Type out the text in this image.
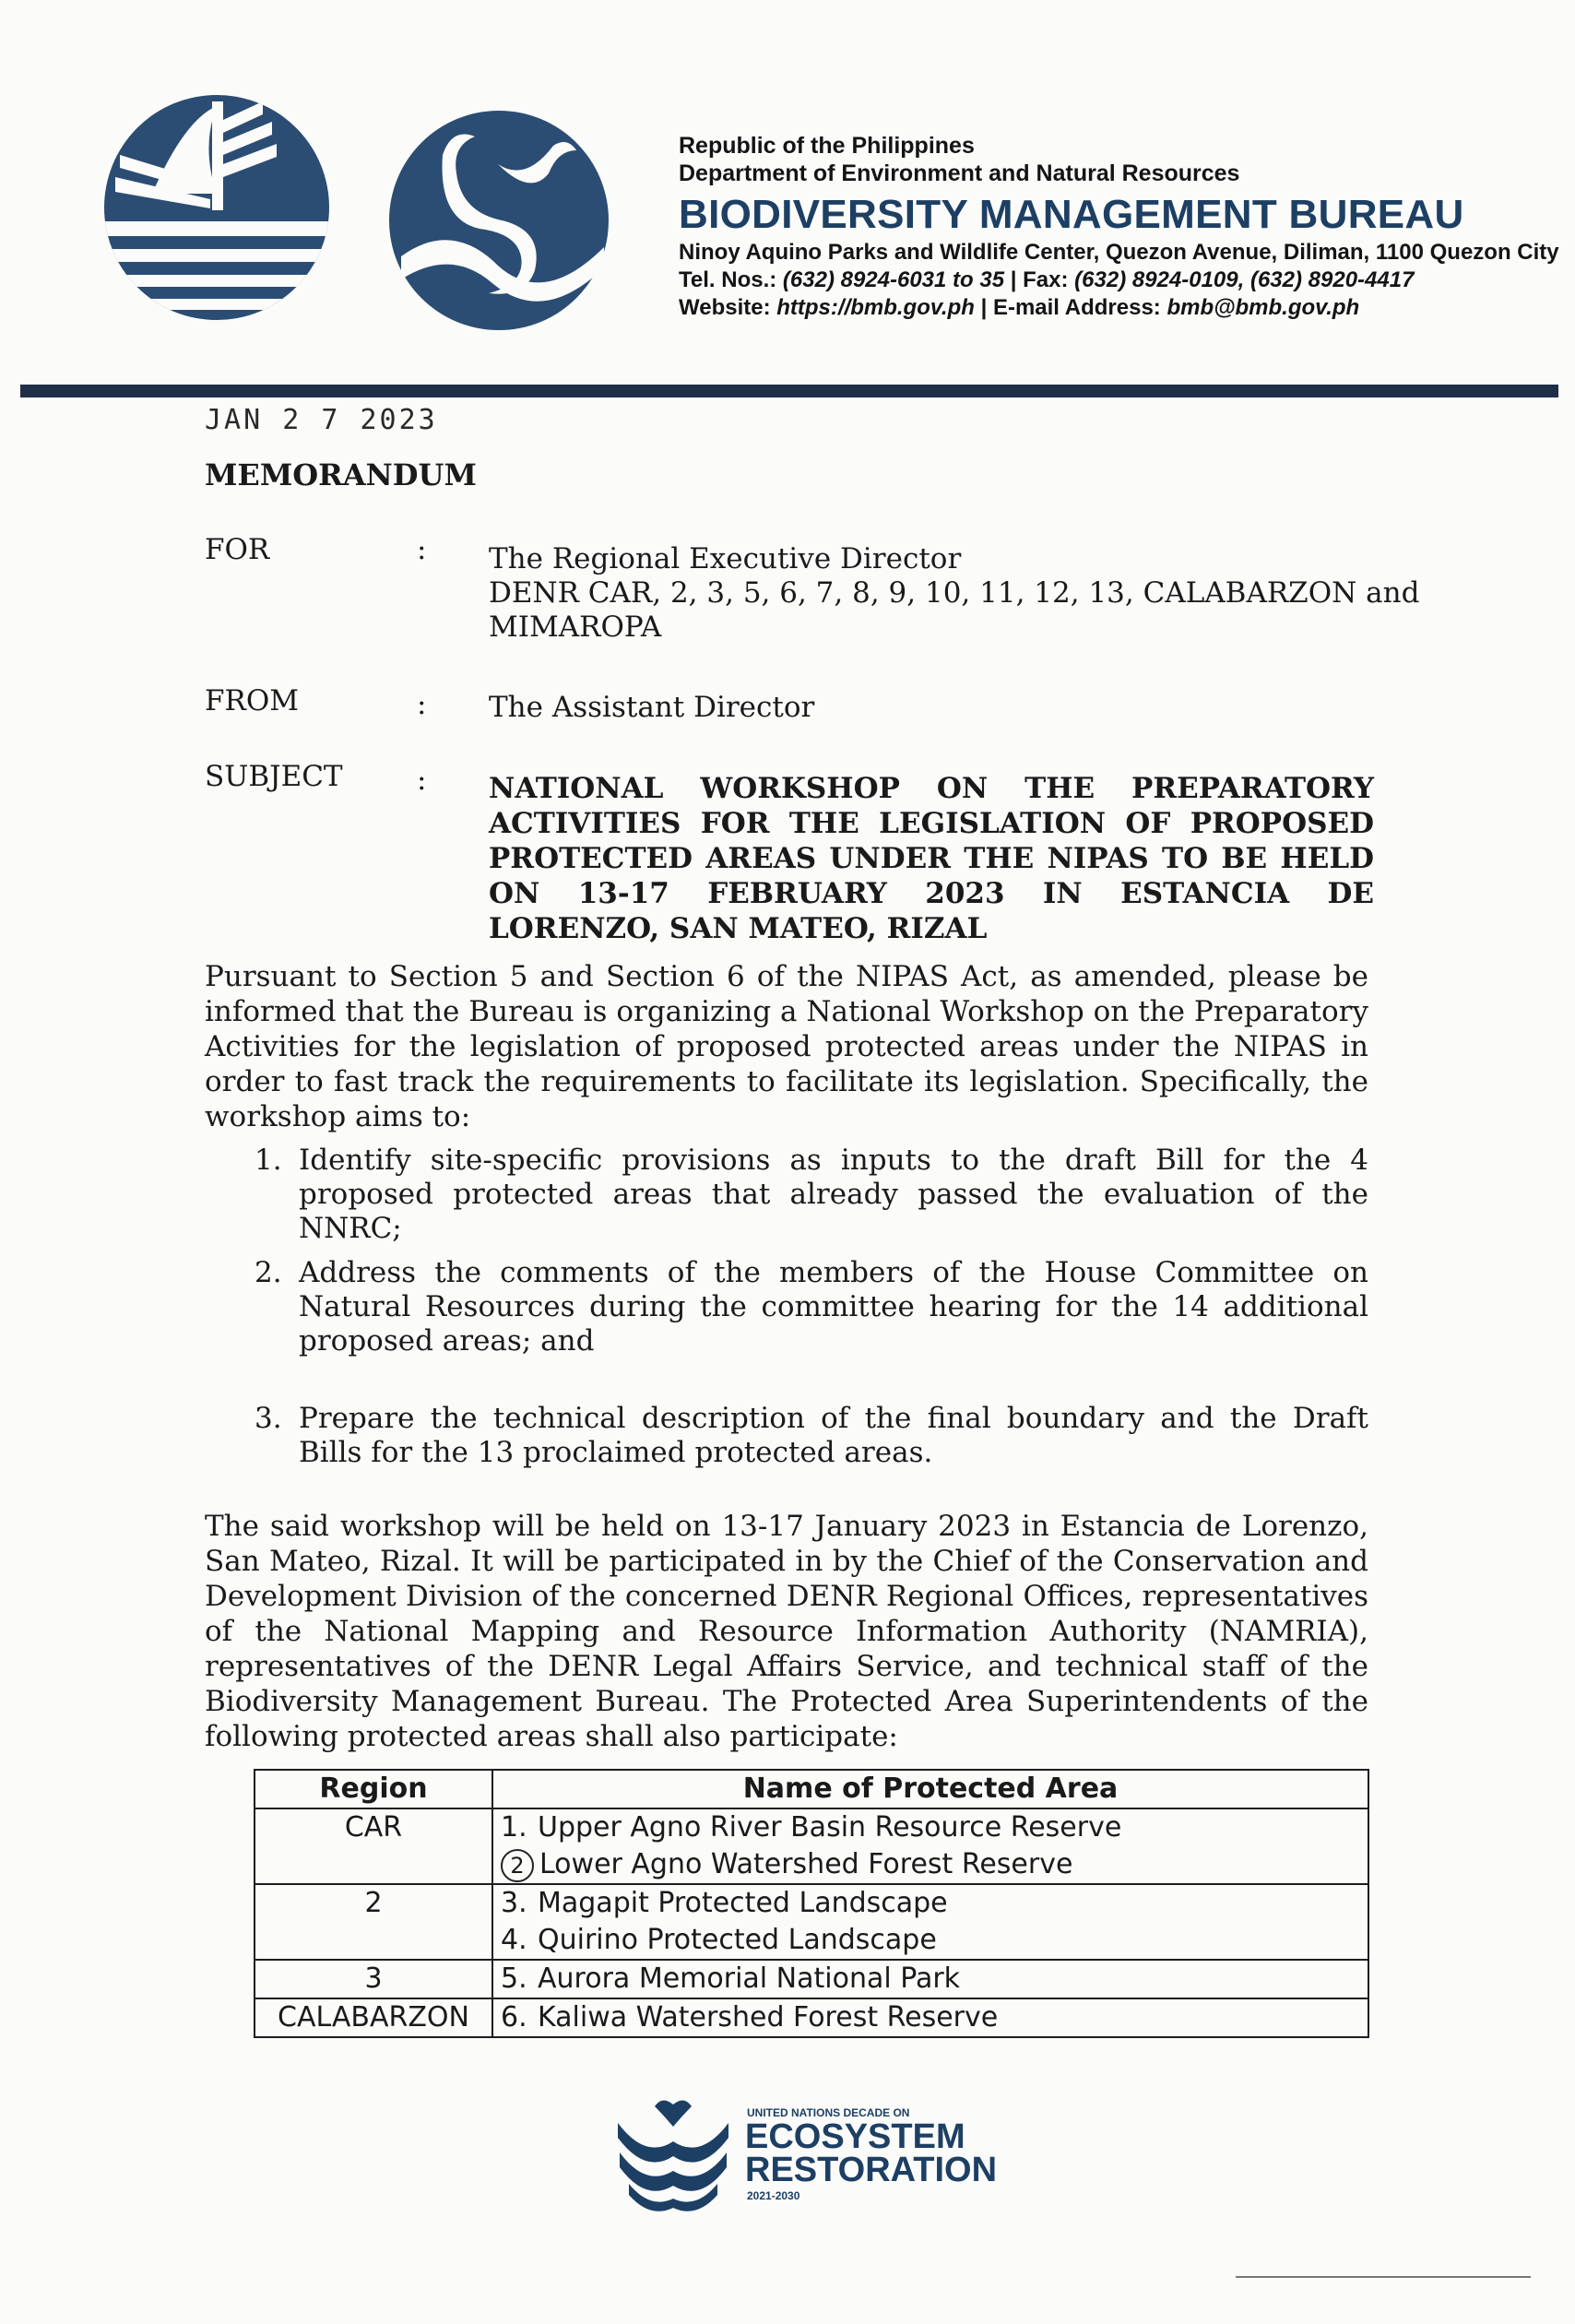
Republic of the Philippines
Department of Environment and Natural Resources
BIODIVERSITY MANAGEMENT BUREAU
Ninoy Aquino Parks and Wildlife Center, Quezon Avenue, Diliman, 1100 Quezon City
Tel. Nos.: (632) 8924-6031 to 35 | Fax: (632) 8924-0109, (632) 8920-4417
Website: https://bmb.gov.ph | E-mail Address: bmb@bmb.gov.ph
JAN 2 7 2023
MEMORANDUM
FOR	: The Regional Executive Director
DENR CAR, 2, 3, 5, 6, 7, 8, 9, 10, 11, 12, 13, CALABARZON and
MIMAROPA
FROM	: The Assistant Director
SUBJECT	: NATIONAL WORKSHOP ON THE PREPARATORY ACTIVITIES FOR THE LEGISLATION OF PROPOSED PROTECTED AREAS UNDER THE NIPAS TO BE HELD ON 13-17 FEBRUARY 2023 IN ESTANCIA DE LORENZO, SAN MATEO, RIZAL
Pursuant to Section 5 and Section 6 of the NIPAS Act, as amended, please be informed that the Bureau is organizing a National Workshop on the Preparatory Activities for the legislation of proposed protected areas under the NIPAS in order to fast track the requirements to facilitate its legislation. Specifically, the workshop aims to:
1. Identify site-specific provisions as inputs to the draft Bill for the 4 proposed protected areas that already passed the evaluation of the NNRC;
2. Address the comments of the members of the House Committee on Natural Resources during the committee hearing for the 14 additional proposed areas; and
3. Prepare the technical description of the final boundary and the Draft Bills for the 13 proclaimed protected areas.
The said workshop will be held on 13-17 January 2023 in Estancia de Lorenzo, San Mateo, Rizal. It will be participated in by the Chief of the Conservation and Development Division of the concerned DENR Regional Offices, representatives of the National Mapping and Resource Information Authority (NAMRIA), representatives of the DENR Legal Affairs Service, and technical staff of the Biodiversity Management Bureau. The Protected Area Superintendents of the following protected areas shall also participate:
Region	Name of Protected Area
CAR	1. Upper Agno River Basin Resource Reserve
2 Lower Agno Watershed Forest Reserve

2	3. Magapit Protected Landscape
4. Quirino Protected Landscape

3	5. Aurora Memorial National Park
CALABARZON	6. Kaliwa Watershed Forest Reserve
UNITED NATIONS DECADE ON
ECOSYSTEM
RESTORATION
2021-2030
